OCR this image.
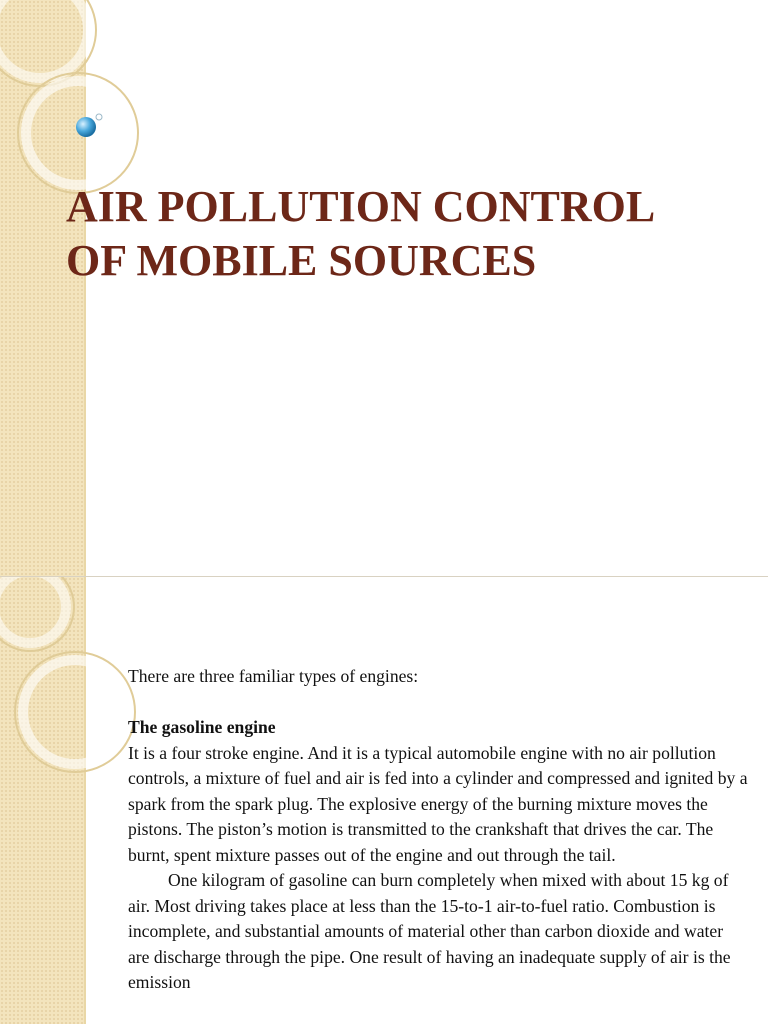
AIR POLLUTION CONTROL
OF MOBILE SOURCES

There are three familiar types of engines:

The gasoline engine

It is a four stroke engine. And it is a typical automobile engine with no air pollution controls, a mixture of fuel and air is fed into a cylinder and compressed and ignited by a spark from the spark plug. The explosive energy of the burning mixture moves the pistons. The piston’s motion is transmitted to the crankshaft that drives the car. The burnt, spent mixture passes out of the engine and out through the tail.

One kilogram of gasoline can burn completely when mixed with about 15 kg of air. Most driving takes place at less than the 15-to-1 air-to-fuel ratio. Combustion is incomplete, and substantial amounts of material other than carbon dioxide and water are discharge through the pipe. One result of having an inadequate supply of air is the emission
